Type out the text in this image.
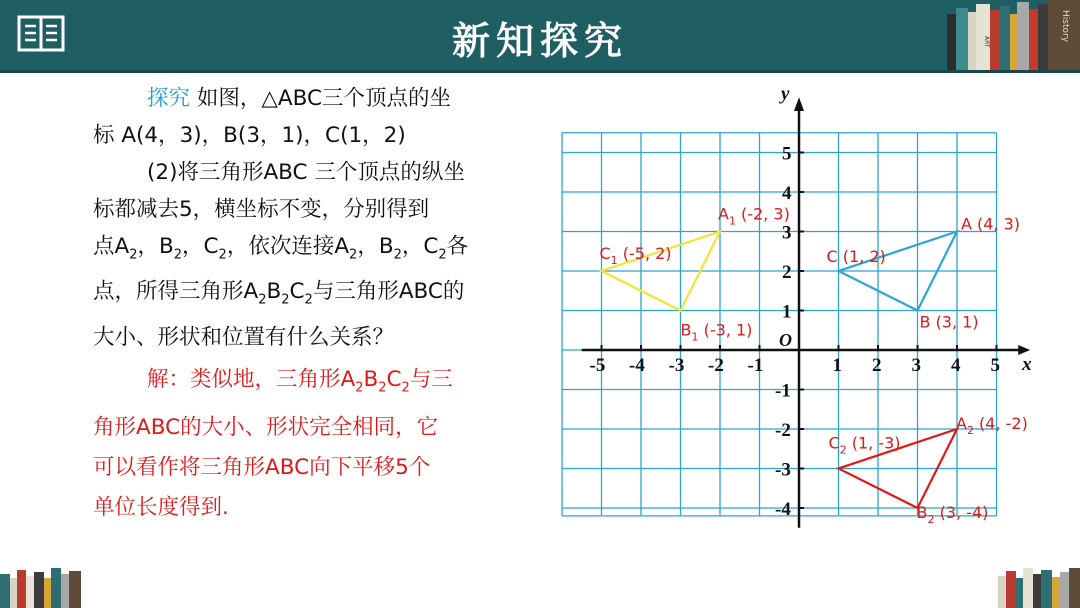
新知探究	ART	History

探究 如图，△ABC三个顶点的坐

标 A(4，3)，B(3，1)，C(1，2)

(2)将三角形ABC 三个顶点的纵坐

标都减去5，横坐标不变，分别得到

点$A_2$，$B_2$，$C_2$，依次连接$A_2$，$B_2$，$C_2$各

点，所得三角形$A_2B_2C_2$与三角形ABC的

大小、形状和位置有什么关系？

解：类似地，三角形$A_2B_2C_2$与三

角形ABC的大小、形状完全相同，它

可以看作将三角形ABC向下平移5个

单位长度得到.

x
y
O
-5 -4 -3 -2 -1	1 2 3 4 5
5
4
3
2
1
-1
-2
-3
-4
A (4, 3)
B (3, 1)
C (1, 2)
$A_1$ (-2, 3)
$B_1$ (-3, 1)
$C_1$ (-5, 2)
$A_2$ (4, -2)
$B_2$ (3, -4)
$C_2$ (1, -3)
